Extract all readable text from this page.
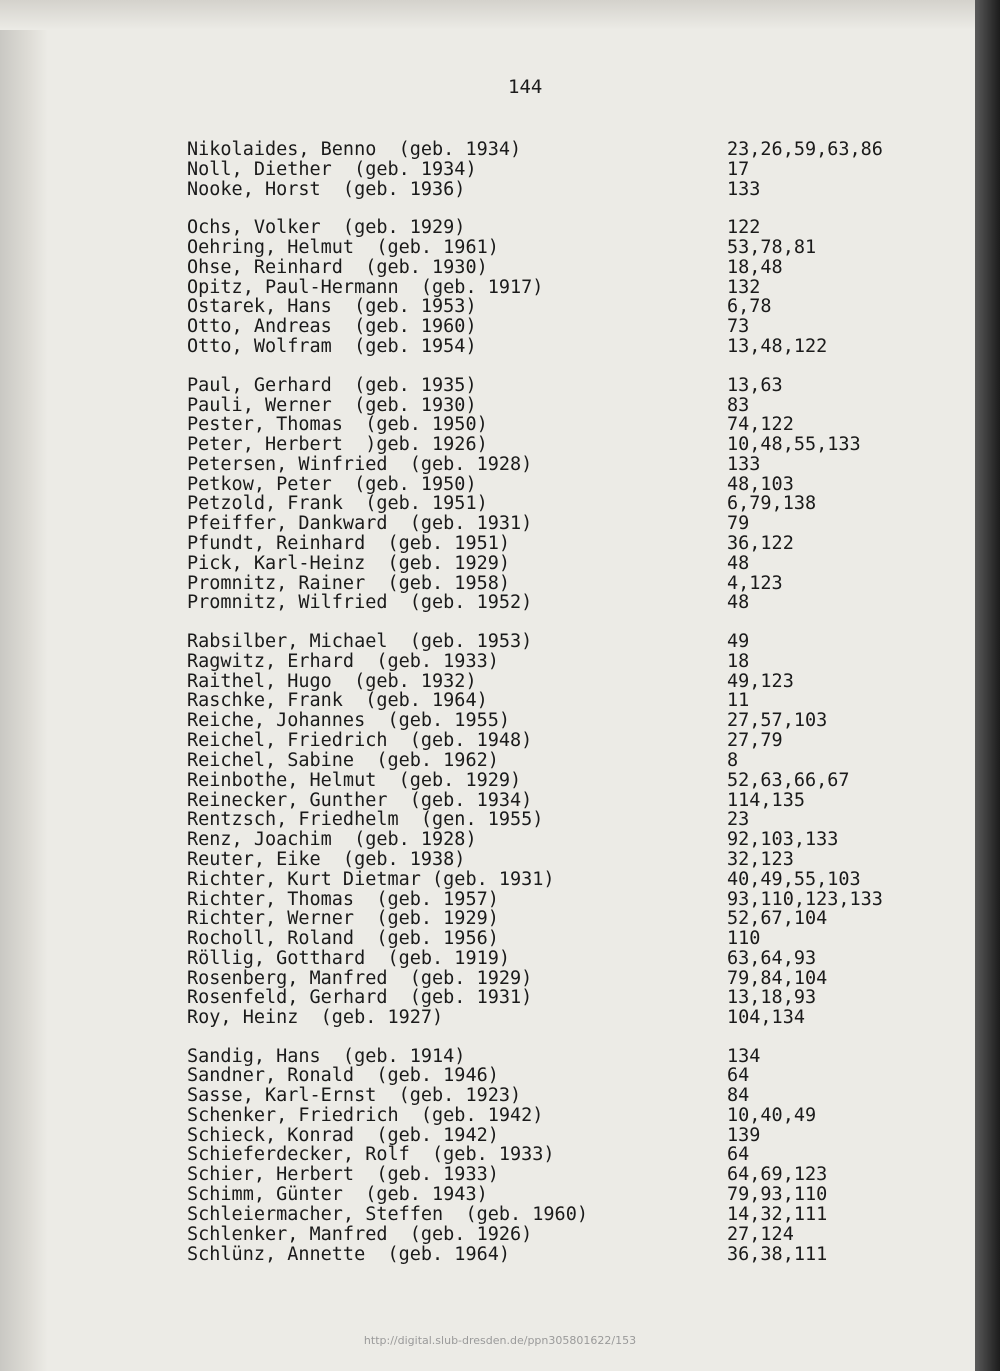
144
Nikolaides, Benno  (geb. 1934)	23,26,59,63,86
Noll, Diether  (geb. 1934)	17
Nooke, Horst  (geb. 1936)	133
Ochs, Volker  (geb. 1929)	122
Oehring, Helmut  (geb. 1961)	53,78,81
Ohse, Reinhard  (geb. 1930)	18,48
Opitz, Paul-Hermann  (geb. 1917)	132
Ostarek, Hans  (geb. 1953)	6,78
Otto, Andreas  (geb. 1960)	73
Otto, Wolfram  (geb. 1954)	13,48,122
Paul, Gerhard  (geb. 1935)	13,63
Pauli, Werner  (geb. 1930)	83
Pester, Thomas  (geb. 1950)	74,122
Peter, Herbert  )geb. 1926)	10,48,55,133
Petersen, Winfried  (geb. 1928)	133
Petkow, Peter  (geb. 1950)	48,103
Petzold, Frank  (geb. 1951)	6,79,138
Pfeiffer, Dankward  (geb. 1931)	79
Pfundt, Reinhard  (geb. 1951)	36,122
Pick, Karl-Heinz  (geb. 1929)	48
Promnitz, Rainer  (geb. 1958)	4,123
Promnitz, Wilfried  (geb. 1952)	48
Rabsilber, Michael  (geb. 1953)	49
Ragwitz, Erhard  (geb. 1933)	18
Raithel, Hugo  (geb. 1932)	49,123
Raschke, Frank  (geb. 1964)	11
Reiche, Johannes  (geb. 1955)	27,57,103
Reichel, Friedrich  (geb. 1948)	27,79
Reichel, Sabine  (geb. 1962)	8
Reinbothe, Helmut  (geb. 1929)	52,63,66,67
Reinecker, Gunther  (geb. 1934)	114,135
Rentzsch, Friedhelm  (gen. 1955)	23
Renz, Joachim  (geb. 1928)	92,103,133
Reuter, Eike  (geb. 1938)	32,123
Richter, Kurt Dietmar (geb. 1931)	40,49,55,103
Richter, Thomas  (geb. 1957)	93,110,123,133
Richter, Werner  (geb. 1929)	52,67,104
Rocholl, Roland  (geb. 1956)	110
Röllig, Gotthard  (geb. 1919)	63,64,93
Rosenberg, Manfred  (geb. 1929)	79,84,104
Rosenfeld, Gerhard  (geb. 1931)	13,18,93
Roy, Heinz  (geb. 1927)	104,134
Sandig, Hans  (geb. 1914)	134
Sandner, Ronald  (geb. 1946)	64
Sasse, Karl-Ernst  (geb. 1923)	84
Schenker, Friedrich  (geb. 1942)	10,40,49
Schieck, Konrad  (geb. 1942)	139
Schieferdecker, Rolf  (geb. 1933)	64
Schier, Herbert  (geb. 1933)	64,69,123
Schimm, Günter  (geb. 1943)	79,93,110
Schleiermacher, Steffen  (geb. 1960)	14,32,111
Schlenker, Manfred  (geb. 1926)	27,124
Schlünz, Annette  (geb. 1964)	36,38,111
http://digital.slub-dresden.de/ppn305801622/153
